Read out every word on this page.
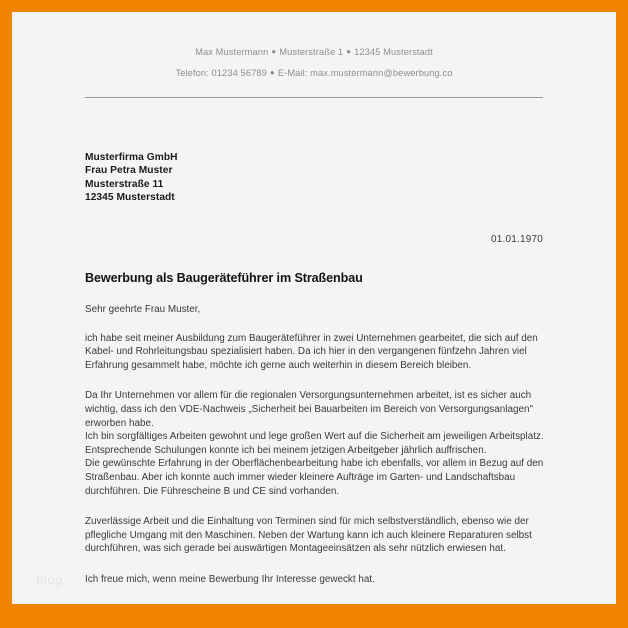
Max Mustermann ● Musterstraße 1 ● 12345 Musterstadt
Telefon: 01234 56789 ● E-Mail: max.mustermann@bewerbung.co
Musterfirma GmbH
Frau Petra Muster
Musterstraße 11
12345 Musterstadt
01.01.1970
Bewerbung als Baugeräteführer im Straßenbau
Sehr geehrte Frau Muster,
ich habe seit meiner Ausbildung zum Baugeräteführer in zwei Unternehmen gearbeitet, die sich auf den Kabel- und Rohrleitungsbau spezialisiert haben. Da ich hier in den vergangenen fünfzehn Jahren viel Erfahrung gesammelt habe, möchte ich gerne auch weiterhin in diesem Bereich bleiben.
Da Ihr Unternehmen vor allem für die regionalen Versorgungsunternehmen arbeitet, ist es sicher auch wichtig, dass ich den VDE-Nachweis „Sicherheit bei Bauarbeiten im Bereich von Versorgungsanlagen" erworben habe.
Ich bin sorgfältiges Arbeiten gewohnt und lege großen Wert auf die Sicherheit am jeweiligen Arbeitsplatz. Entsprechende Schulungen konnte ich bei meinem jetzigen Arbeitgeber jährlich auffrischen.
Die gewünschte Erfahrung in der Oberflächenbearbeitung habe ich ebenfalls, vor allem in Bezug auf den Straßenbau. Aber ich konnte auch immer wieder kleinere Aufträge im Garten- und Landschaftsbau durchführen. Die Führescheine B und CE sind vorhanden.
Zuverlässige Arbeit und die Einhaltung von Terminen sind für mich selbstverständlich, ebenso wie der pflegliche Umgang mit den Maschinen. Neben der Wartung kann ich auch kleinere Reparaturen selbst durchführen, was sich gerade bei auswärtigen Montageeinsätzen als sehr nützlich erwiesen hat.
Ich freue mich, wenn meine Bewerbung Ihr Interesse geweckt hat.
blog
